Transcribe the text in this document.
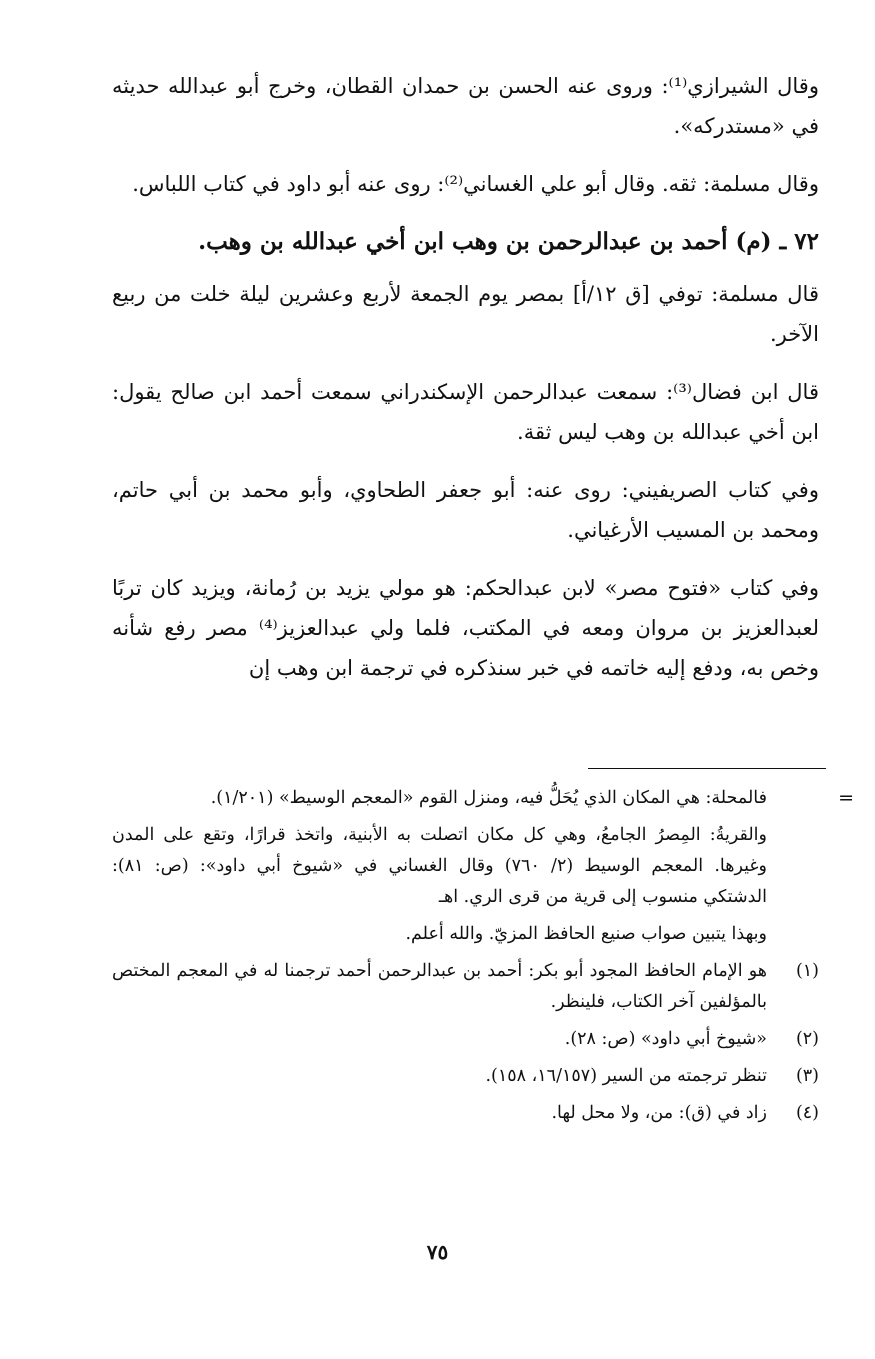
وقال الشيرازي⁽¹⁾: وروى عنه الحسن بن حمدان القطان، وخرج أبو عبدالله حديثه في «مستدركه».

وقال مسلمة: ثقه. وقال أبو علي الغساني⁽²⁾: روى عنه أبو داود في كتاب اللباس.

٧٢ ـ (م) أحمد بن عبدالرحمن بن وهب ابن أخي عبدالله بن وهب.

قال مسلمة: توفي [ق ١٢/أ] بمصر يوم الجمعة لأربع وعشرين ليلة خلت من ربيع الآخر.

قال ابن فضال⁽³⁾: سمعت عبدالرحمن الإسكندراني سمعت أحمد ابن صالح يقول: ابن أخي عبدالله بن وهب ليس ثقة.

وفي كتاب الصريفيني: روى عنه: أبو جعفر الطحاوي، وأبو محمد بن أبي حاتم، ومحمد بن المسيب الأرغياني.

وفي كتاب «فتوح مصر» لابن عبدالحكم: هو مولي يزيد بن رُمانة، ويزيد كان تربًا لعبدالعزيز بن مروان ومعه في المكتب، فلما ولي عبدالعزيز⁽⁴⁾ مصر رفع شأنه وخص به، ودفع إليه خاتمه في خبر سنذكره في ترجمة ابن وهب إن

=
فالمحلة: هي المكان الذي يُحَلُّ فيه، ومنزل القوم «المعجم الوسيط» (١/٢٠١).

والقريةُ: المِصرُ الجامعُ، وهي كل مكان اتصلت به الأبنية، واتخذ قرارًا، وتقع على المدن وغيرها. المعجم الوسيط (٢/ ٧٦٠) وقال الغساني في «شيوخ أبي داود»: (ص: ٨١): الدشتكي منسوب إلى قرية من قرى الري. اهـ

وبهذا يتبين صواب صنيع الحافظ المزيّ. والله أعلم.

(١)
هو الإمام الحافظ المجود أبو بكر: أحمد بن عبدالرحمن أحمد ترجمنا له في المعجم المختص بالمؤلفين آخر الكتاب، فلينظر.

(٢)
«شيوخ أبي داود» (ص: ٢٨).

(٣)
تنظر ترجمته من السير (١٦/١٥٧، ١٥٨).

(٤)
زاد في (ق): من، ولا محل لها.

٧٥
